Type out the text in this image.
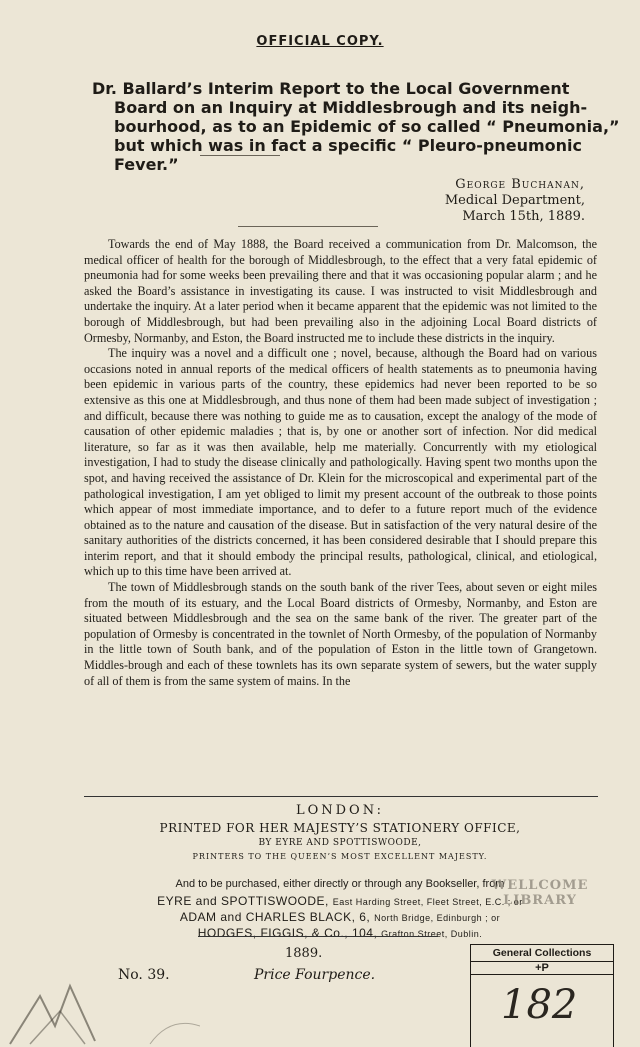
OFFICIAL COPY.
Dr. Ballard’s Interim Report to the Local Government
Board on an Inquiry at Middlesbrough and its neigh-
bourhood, as to an Epidemic of so called “ Pneumonia,”
but which was in fact a specific “ Pleuro-pneumonic
Fever.”
George Buchanan,
Medical Department,
March 15th, 1889.

Towards the end of May 1888, the Board received a communication from Dr. Malcomson, the medical officer of health for the borough of Middlesbrough, to the effect that a very fatal epidemic of pneumonia had for some weeks been prevailing there and that it was occasioning popular alarm ; and he asked the Board’s assistance in investigating its cause. I was instructed to visit Middlesbrough and undertake the inquiry. At a later period when it became apparent that the epidemic was not limited to the borough of Middlesbrough, but had been prevailing also in the adjoining Local Board districts of Ormesby, Normanby, and Eston, the Board instructed me to include these districts in the inquiry.

The inquiry was a novel and a difficult one ; novel, because, although the Board had on various occasions noted in annual reports of the medical officers of health statements as to pneumonia having been epidemic in various parts of the country, these epidemics had never been reported to be so extensive as this one at Middlesbrough, and thus none of them had been made subject of investigation ; and difficult, because there was nothing to guide me as to causation, except the analogy of the mode of causation of other epidemic maladies ; that is, by one or another sort of infection. Nor did medical literature, so far as it was then available, help me materially. Concurrently with my etiological investigation, I had to study the disease clinically and pathologically. Having spent two months upon the spot, and having received the assistance of Dr. Klein for the microscopical and experimental part of the pathological investigation, I am yet obliged to limit my present account of the outbreak to those points which appear of most immediate importance, and to defer to a future report much of the evidence obtained as to the nature and causation of the disease. But in satisfaction of the very natural desire of the sanitary authorities of the districts concerned, it has been considered desirable that I should prepare this interim report, and that it should embody the principal results, pathological, clinical, and etiological, which up to this time have been arrived at.

The town of Middlesbrough stands on the south bank of the river Tees, about seven or eight miles from the mouth of its estuary, and the Local Board districts of Ormesby, Normanby, and Eston are situated between Middlesbrough and the sea on the same bank of the river. The greater part of the population of Ormesby is concentrated in the townlet of North Ormesby, of the population of Normanby in the little town of South bank, and of the population of Eston in the little town of Grangetown. Middles-brough and each of these townlets has its own separate system of sewers, but the water supply of all of them is from the same system of mains. In the

LONDON:
PRINTED FOR HER MAJESTY’S STATIONERY OFFICE,
BY EYRE AND SPOTTISWOODE,
PRINTERS TO THE QUEEN’S MOST EXCELLENT MAJESTY.
And to be purchased, either directly or through any Bookseller, from
EYRE and SPOTTISWOODE, East Harding Street, Fleet Street, E.C. ; or
ADAM and CHARLES BLACK, 6, North Bridge, Edinburgh ; or
HODGES, FIGGIS, & Co., 104, Grafton Street, Dublin.
1889.
No. 39.	Price Fourpence.
WELLCOME
LIBRARY
General Collections
+P
182
